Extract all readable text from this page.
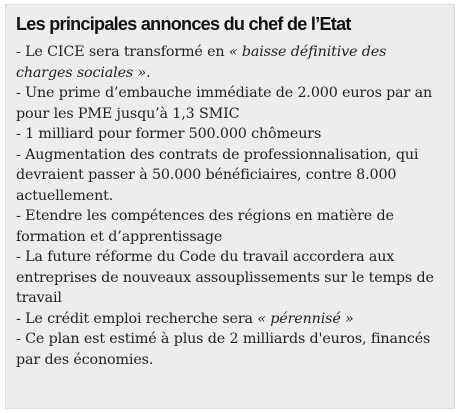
Les principales annonces du chef de l’Etat
- Le CICE sera transformé en « baisse définitive des charges sociales ».
- Une prime d’embauche immédiate de 2.000 euros par an pour les PME jusqu’à 1,3 SMIC
- 1 milliard pour former 500.000 chômeurs
- Augmentation des contrats de professionnalisation, qui devraient passer à 50.000 bénéficiaires, contre 8.000 actuellement.
- Etendre les compétences des régions en matière de formation et d’apprentissage
- La future réforme du Code du travail accordera aux entreprises de nouveaux assouplissements sur le temps de travail
- Le crédit emploi recherche sera « pérennisé »
- Ce plan est estimé à plus de 2 milliards d'euros, financés par des économies.
